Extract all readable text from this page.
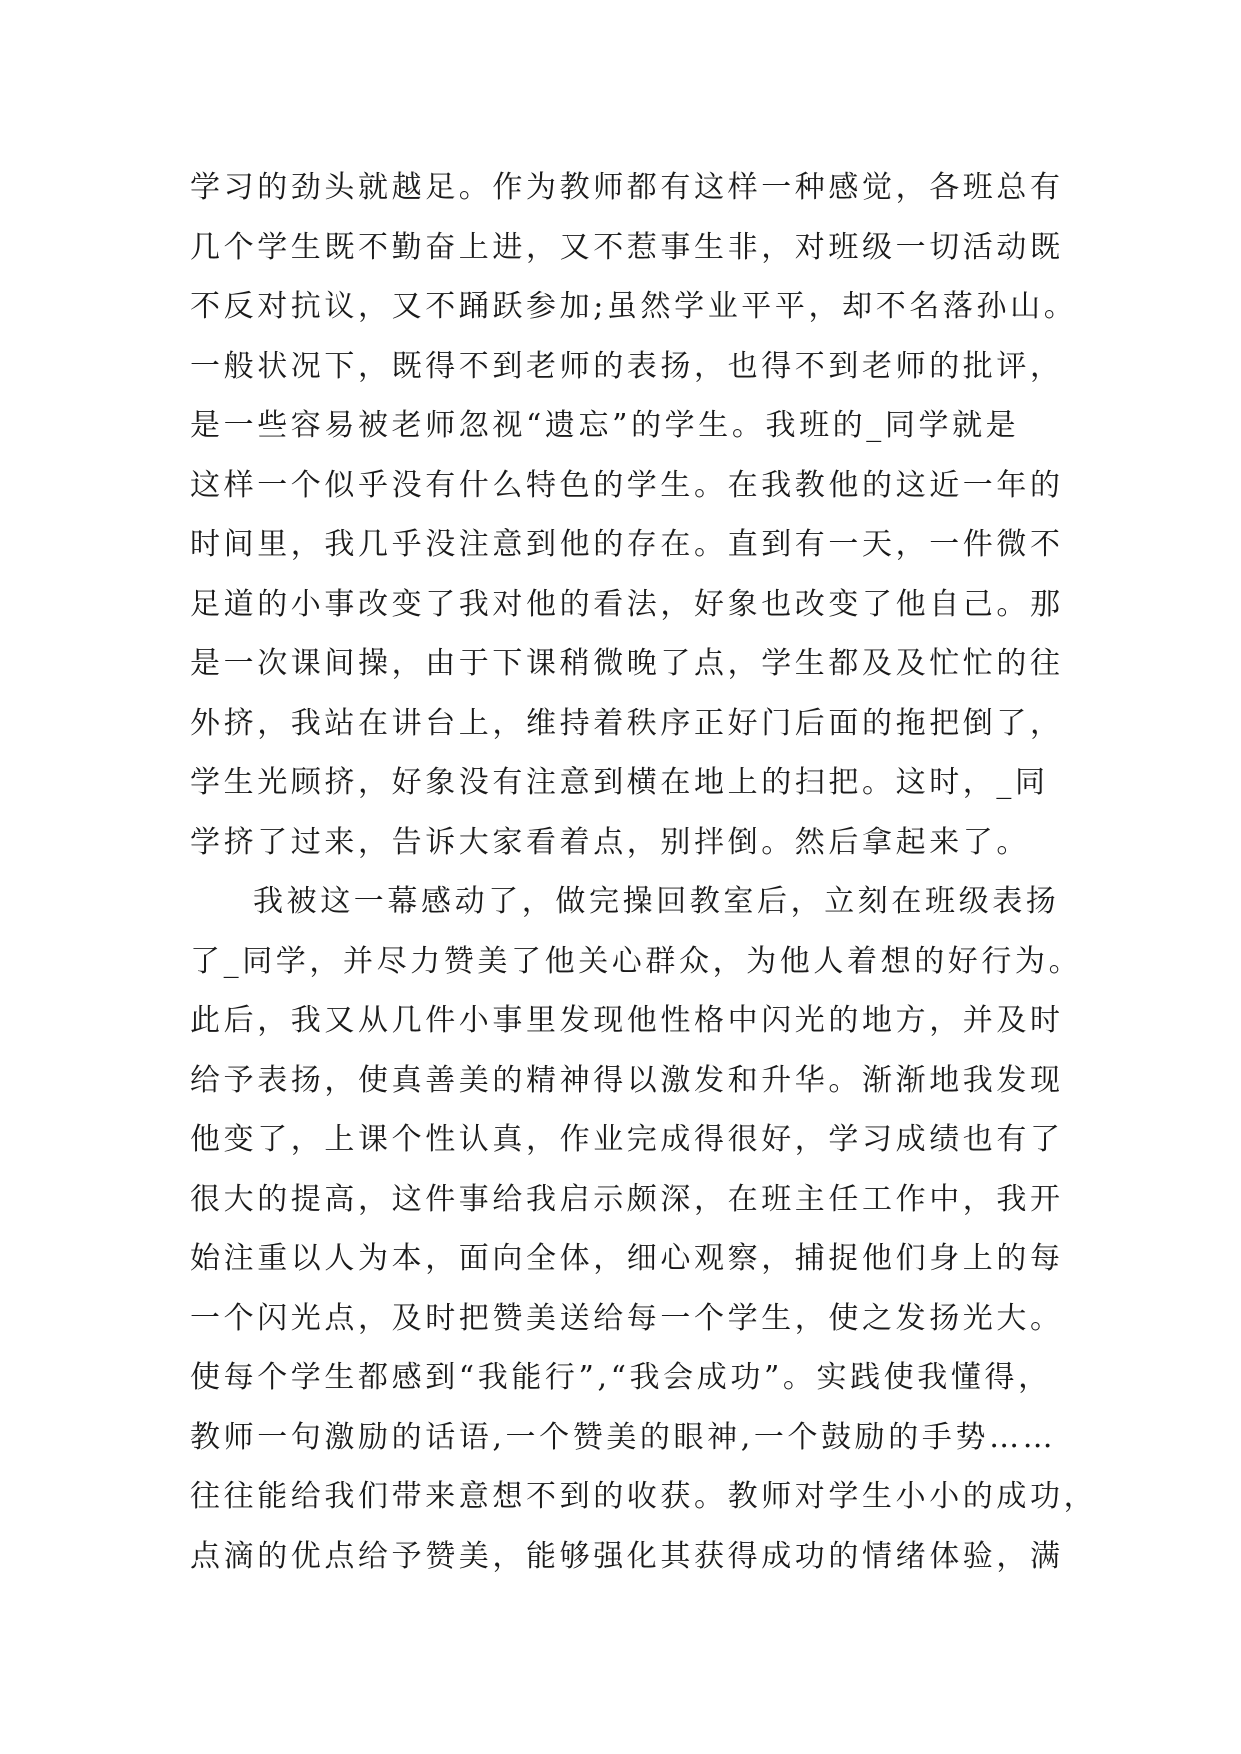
学习的劲头就越足。作为教师都有这样一种感觉，各班总有
几个学生既不勤奋上进，又不惹事生非，对班级一切活动既
不反对抗议，又不踊跃参加;虽然学业平平，却不名落孙山。
一般状况下，既得不到老师的表扬，也得不到老师的批评，
是一些容易被老师忽视“遗忘”的学生。我班的_同学就是
这样一个似乎没有什么特色的学生。在我教他的这近一年的
时间里，我几乎没注意到他的存在。直到有一天，一件微不
足道的小事改变了我对他的看法，好象也改变了他自己。那
是一次课间操，由于下课稍微晚了点，学生都及及忙忙的往
外挤，我站在讲台上，维持着秩序正好门后面的拖把倒了，
学生光顾挤，好象没有注意到横在地上的扫把。这时，_同
学挤了过来，告诉大家看着点，别拌倒。然后拿起来了。
我被这一幕感动了，做完操回教室后，立刻在班级表扬
了_同学，并尽力赞美了他关心群众，为他人着想的好行为。
此后，我又从几件小事里发现他性格中闪光的地方，并及时
给予表扬，使真善美的精神得以激发和升华。渐渐地我发现
他变了，上课个性认真，作业完成得很好，学习成绩也有了
很大的提高，这件事给我启示颇深，在班主任工作中，我开
始注重以人为本，面向全体，细心观察，捕捉他们身上的每
一个闪光点，及时把赞美送给每一个学生，使之发扬光大。
使每个学生都感到“我能行”,“我会成功”。实践使我懂得，
教师一句激励的话语,一个赞美的眼神,一个鼓励的手势……
往往能给我们带来意想不到的收获。教师对学生小小的成功，
点滴的优点给予赞美，能够强化其获得成功的情绪体验，满
